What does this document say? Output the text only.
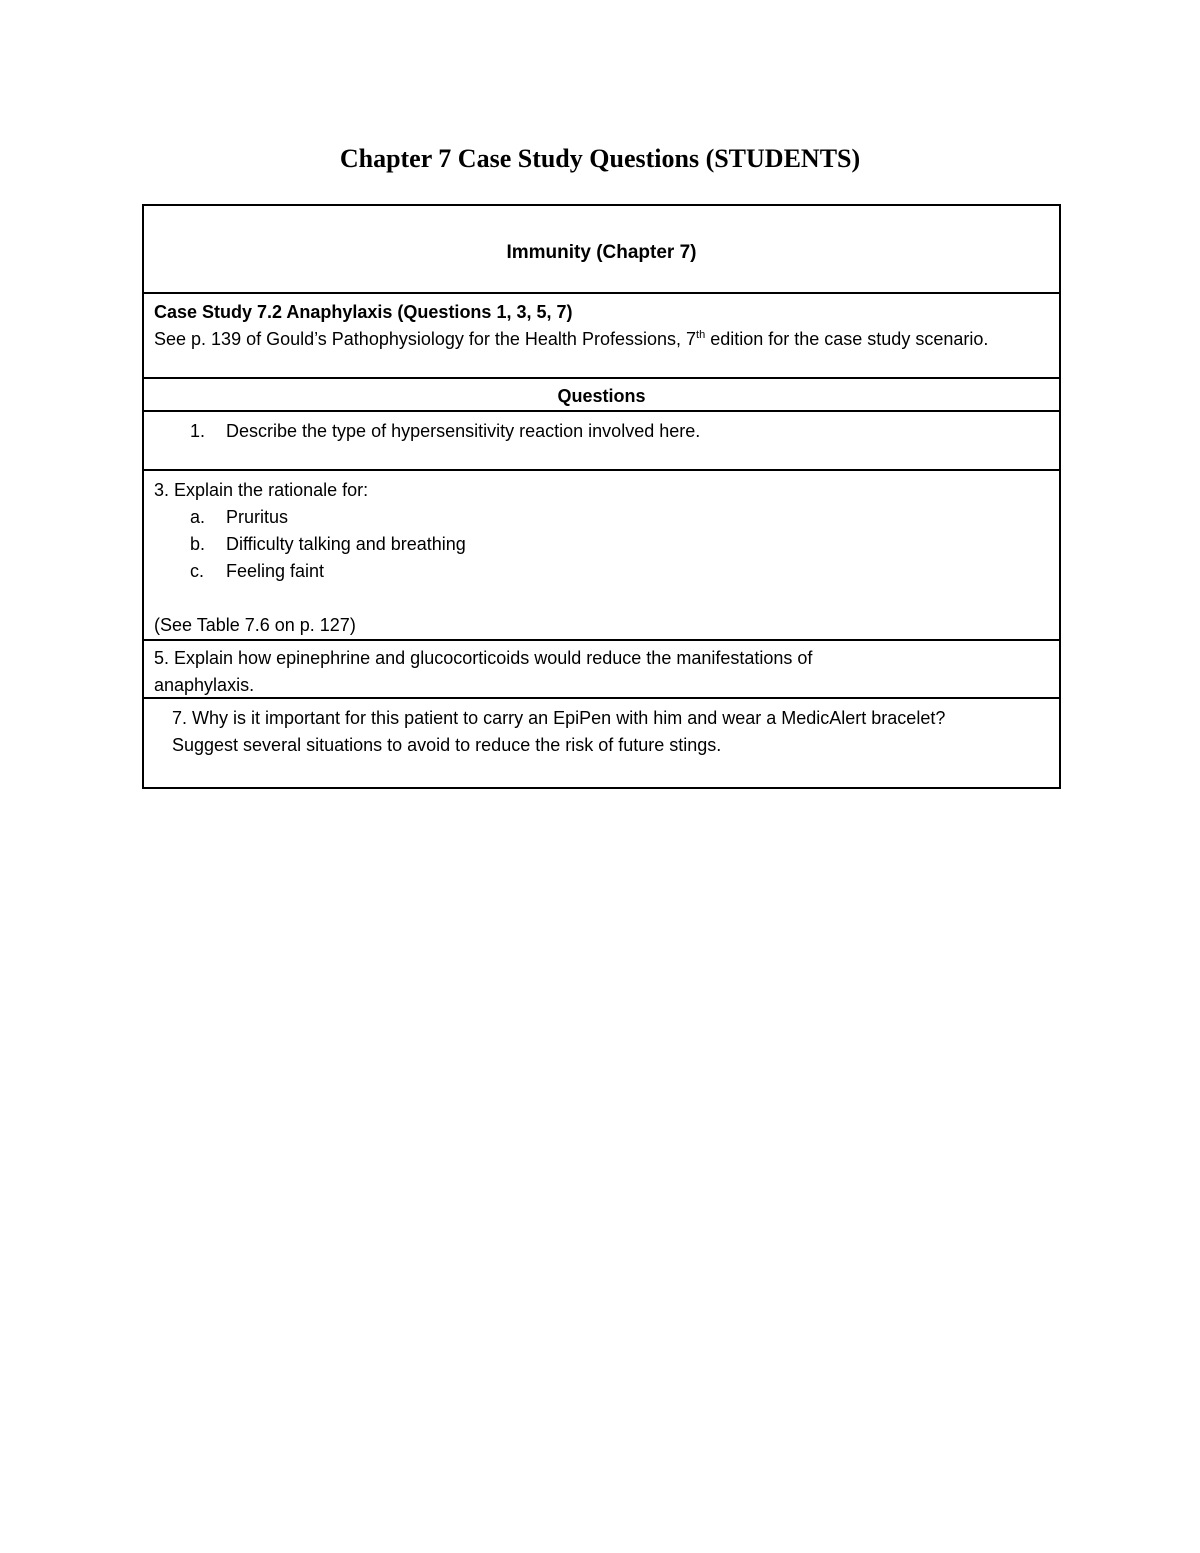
Chapter 7 Case Study Questions (STUDENTS)
Immunity (Chapter 7)
Case Study 7.2 Anaphylaxis (Questions 1, 3, 5, 7)
See p. 139 of Gould’s Pathophysiology for the Health Professions, 7th edition for the case study scenario.
Questions
1.	Describe the type of hypersensitivity reaction involved here.
3. Explain the rationale for:
a.	Pruritus
b.	Difficulty talking and breathing
c.	Feeling faint
(See Table 7.6 on p. 127)
5. Explain how epinephrine and glucocorticoids would reduce the manifestations of anaphylaxis.
7. Why is it important for this patient to carry an EpiPen with him and wear a MedicAlert bracelet?
Suggest several situations to avoid to reduce the risk of future stings.
